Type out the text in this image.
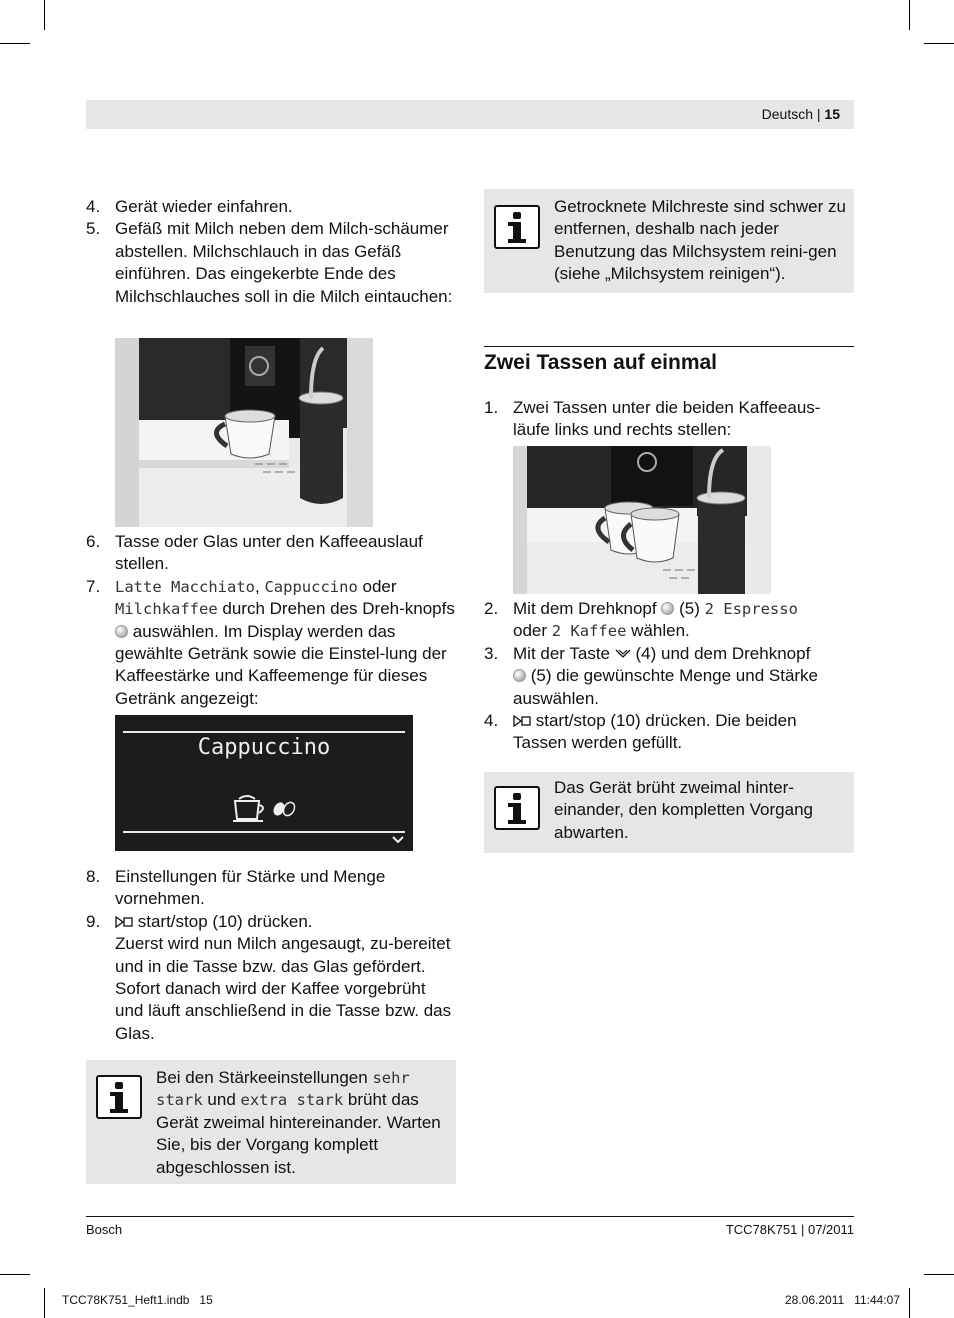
Deutsch | 15
4. Gerät wieder einfahren.
5. Gefäß mit Milch neben dem Milch-schäumer abstellen. Milchschlauch in das Gefäß einführen. Das eingekerbte Ende des Milchschlauches soll in die Milch eintauchen:
6. Tasse oder Glas unter den Kaffeeauslauf stellen.
7. Latte Macchiato, Cappuccino oder Milchkaffee durch Drehen des Dreh-knopfs  auswählen. Im Display werden das gewählte Getränk sowie die Einstel-lung der Kaffeestärke und Kaffeemenge für dieses Getränk angezeigt:
Cappuccino
8. Einstellungen für Stärke und Menge vornehmen.
9. start/stop (10) drücken.
Zuerst wird nun Milch angesaugt, zu-bereitet und in die Tasse bzw. das Glas gefördert. Sofort danach wird der Kaffee vorgebrüht und läuft anschließend in die Tasse bzw. das Glas.
Bei den Stärkeeinstellungen sehr stark und extra stark brüht das Gerät zweimal hintereinander. Warten Sie, bis der Vorgang komplett abgeschlossen ist.
Getrocknete Milchreste sind schwer zu entfernen, deshalb nach jeder Benutzung das Milchsystem reini-gen (siehe „Milchsystem reinigen“).
Zwei Tassen auf einmal
1. Zwei Tassen unter die beiden Kaffeeaus-läufe links und rechts stellen:
2. Mit dem Drehknopf (5) 2 Espresso
oder 2 Kaffee wählen.
3. Mit der Taste (4) und dem Drehknopf
(5) die gewünschte Menge und Stärke auswählen.
4. start/stop (10) drücken. Die beiden Tassen werden gefüllt.
Das Gerät brüht zweimal hinter-einander, den kompletten Vorgang abwarten.
Bosch	TCC78K751 | 07/2011
TCC78K751_Heft1.indb   15	28.06.2011   11:44:07
